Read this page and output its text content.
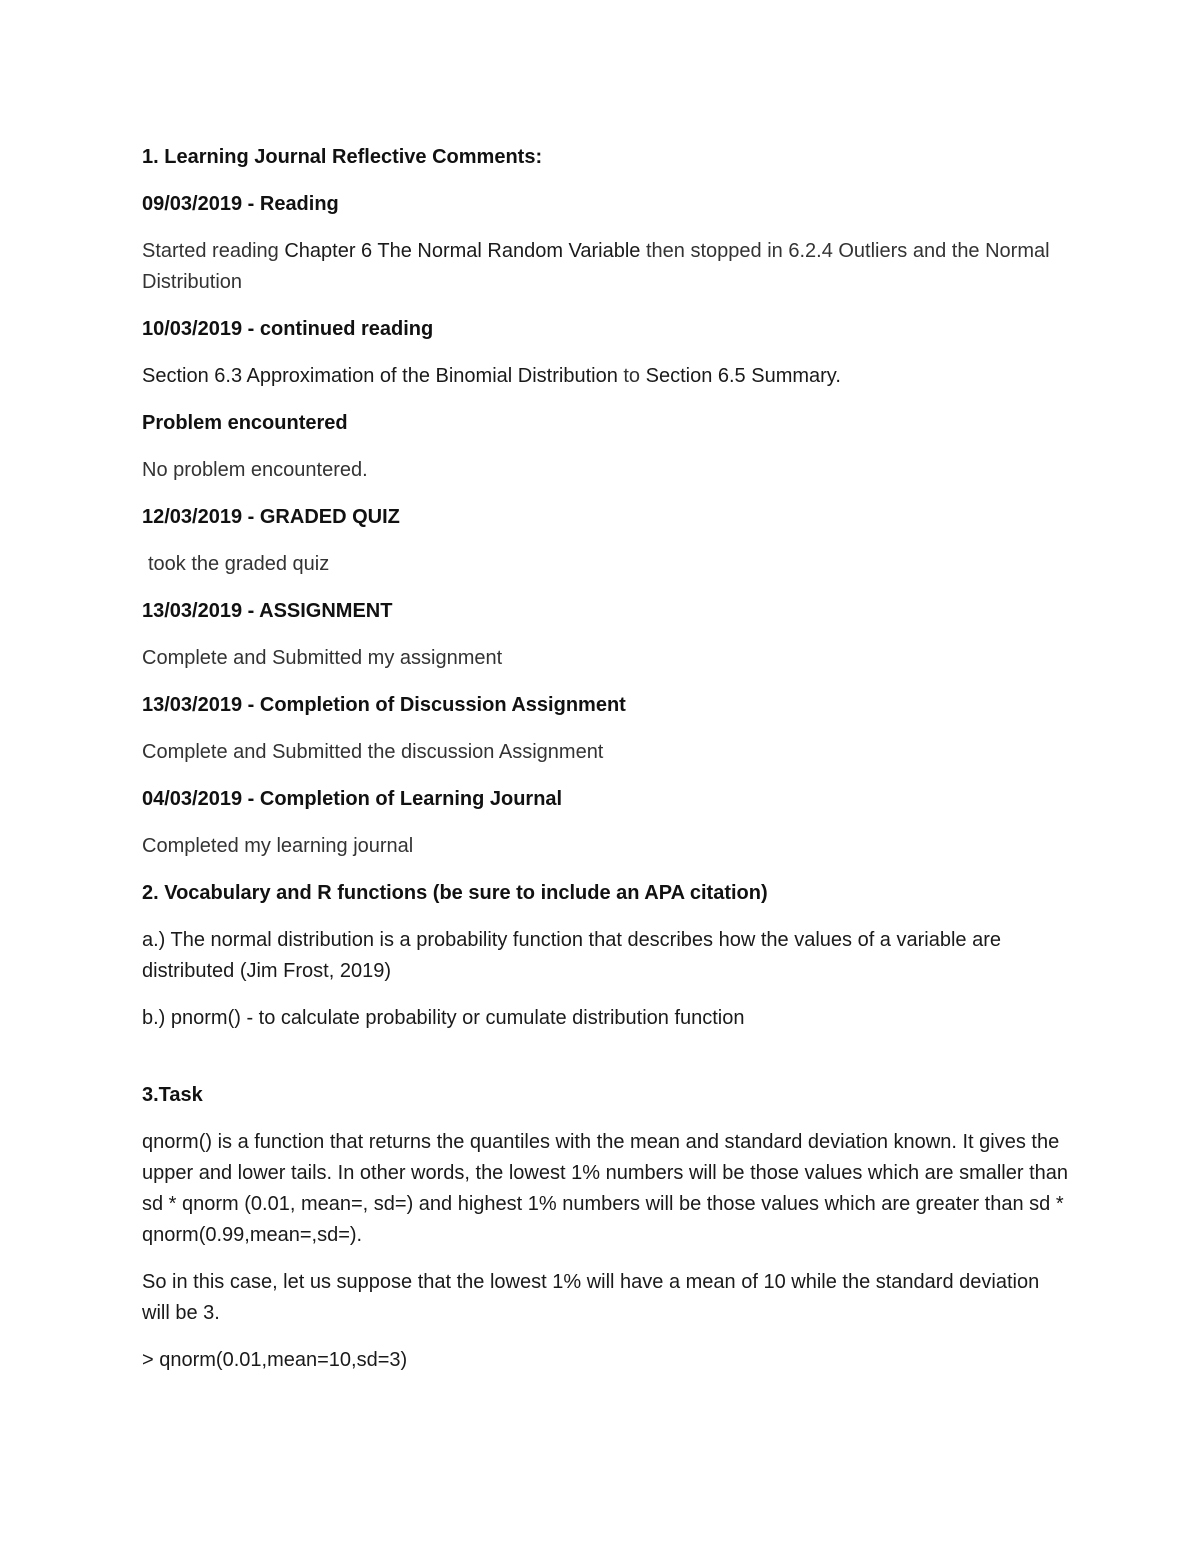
1. Learning Journal Reflective Comments:

09/03/2019 - Reading

Started reading Chapter 6 The Normal Random Variable then stopped in 6.2.4 Outliers and the Normal Distribution

10/03/2019 - continued reading

Section 6.3 Approximation of the Binomial Distribution to Section 6.5 Summary.

Problem encountered

No problem encountered.

12/03/2019 - GRADED QUIZ

took the graded quiz

13/03/2019 - ASSIGNMENT

Complete and Submitted my assignment

13/03/2019 - Completion of Discussion Assignment

Complete and Submitted the discussion Assignment

04/03/2019 - Completion of Learning Journal

Completed my learning journal

2. Vocabulary and R functions (be sure to include an APA citation)

a.) The normal distribution is a probability function that describes how the values of a variable are distributed (Jim Frost, 2019)

b.) pnorm() - to calculate probability or cumulate distribution function

3.Task

qnorm() is a function that returns the quantiles with the mean and standard deviation known. It gives the upper and lower tails. In other words, the lowest 1% numbers will be those values which are smaller than sd * qnorm (0.01, mean=, sd=) and highest 1% numbers will be those values which are greater than sd * qnorm(0.99,mean=,sd=).

So in this case, let us suppose that the lowest 1% will have a mean of 10 while the standard deviation will be 3.

> qnorm(0.01,mean=10,sd=3)
